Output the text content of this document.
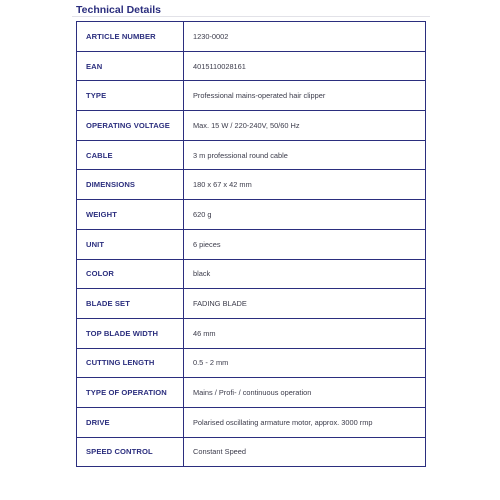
Technical Details
ARTICLE NUMBER	1230-0002
EAN	4015110028161
TYPE	Professional mains-operated hair clipper
OPERATING VOLTAGE	Max. 15 W / 220-240V, 50/60 Hz
CABLE	3 m professional round cable
DIMENSIONS	180 x 67 x 42 mm
WEIGHT	620 g
UNIT	6 pieces
COLOR	black
BLADE SET	FADING BLADE
TOP BLADE WIDTH	46 mm
CUTTING LENGTH	0.5 - 2 mm
TYPE OF OPERATION	Mains / Profi- / continuous operation
DRIVE	Polarised oscillating armature motor, approx. 3000 rmp
SPEED CONTROL	Constant Speed
